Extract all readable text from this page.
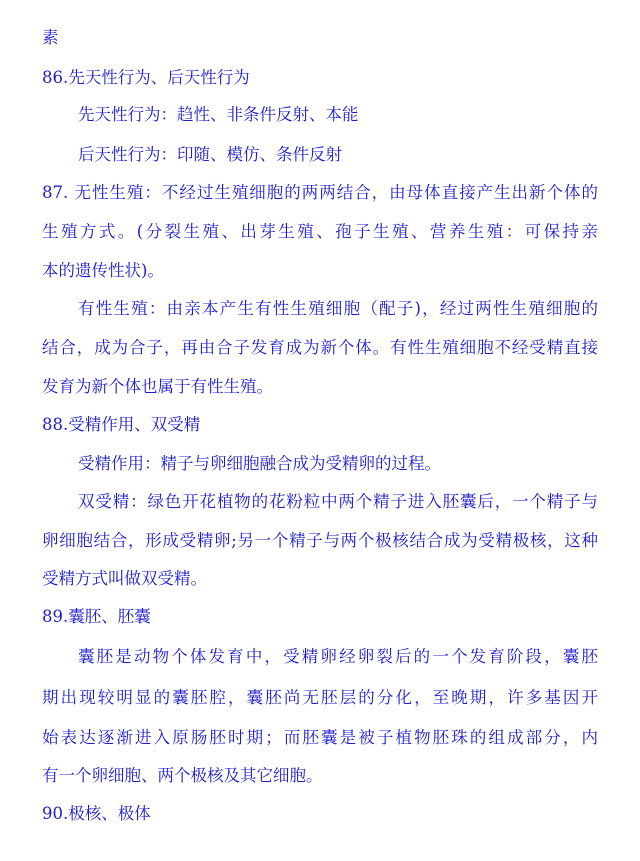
素
86.先天性行为、后天性行为
先天性行为：趋性、非条件反射、本能
后天性行为：印随、模仿、条件反射
87. 无性生殖：不经过生殖细胞的两两结合，由母体直接产生出新个体的
生殖方式。(分裂生殖、出芽生殖、孢子生殖、营养生殖：可保持亲
本的遗传性状)。
有性生殖：由亲本产生有性生殖细胞（配子)，经过两性生殖细胞的
结合，成为合子，再由合子发育成为新个体。有性生殖细胞不经受精直接
发育为新个体也属于有性生殖。
88.受精作用、双受精
受精作用：精子与卵细胞融合成为受精卵的过程。
双受精：绿色开花植物的花粉粒中两个精子进入胚囊后，一个精子与
卵细胞结合，形成受精卵;另一个精子与两个极核结合成为受精极核，这种
受精方式叫做双受精。
89.囊胚、胚囊
囊胚是动物个体发育中，受精卵经卵裂后的一个发育阶段，囊胚
期出现较明显的囊胚腔，囊胚尚无胚层的分化，至晚期，许多基因开
始表达逐渐进入原肠胚时期；而胚囊是被子植物胚珠的组成部分，内
有一个卵细胞、两个极核及其它细胞。
90.极核、极体
